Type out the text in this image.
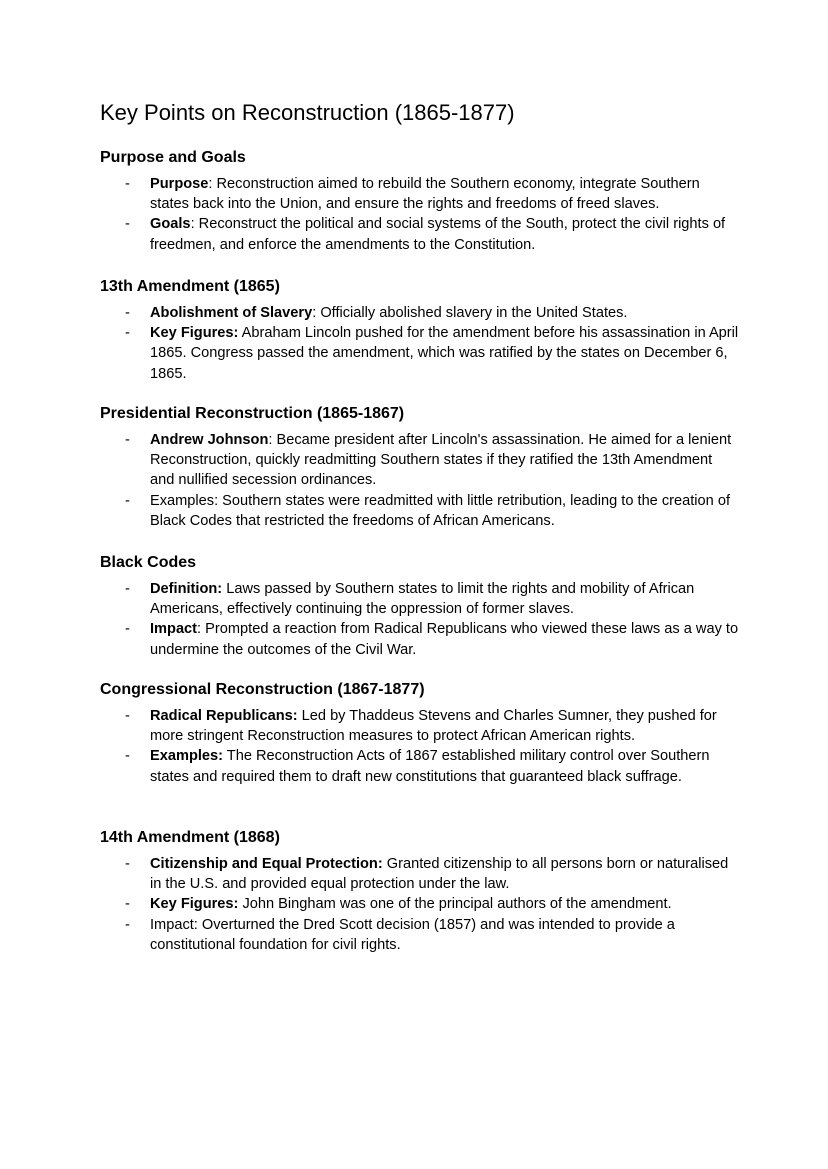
Key Points on Reconstruction (1865-1877)
Purpose and Goals
- Purpose: Reconstruction aimed to rebuild the Southern economy, integrate Southern states back into the Union, and ensure the rights and freedoms of freed slaves.
- Goals: Reconstruct the political and social systems of the South, protect the civil rights of freedmen, and enforce the amendments to the Constitution.
13th Amendment (1865)
- Abolishment of Slavery: Officially abolished slavery in the United States.
- Key Figures: Abraham Lincoln pushed for the amendment before his assassination in April 1865. Congress passed the amendment, which was ratified by the states on December 6, 1865.
Presidential Reconstruction (1865-1867)
- Andrew Johnson: Became president after Lincoln's assassination. He aimed for a lenient Reconstruction, quickly readmitting Southern states if they ratified the 13th Amendment and nullified secession ordinances.
- Examples: Southern states were readmitted with little retribution, leading to the creation of Black Codes that restricted the freedoms of African Americans.
Black Codes
- Definition: Laws passed by Southern states to limit the rights and mobility of African Americans, effectively continuing the oppression of former slaves.
- Impact: Prompted a reaction from Radical Republicans who viewed these laws as a way to undermine the outcomes of the Civil War.
Congressional Reconstruction (1867-1877)
- Radical Republicans: Led by Thaddeus Stevens and Charles Sumner, they pushed for more stringent Reconstruction measures to protect African American rights.
- Examples: The Reconstruction Acts of 1867 established military control over Southern states and required them to draft new constitutions that guaranteed black suffrage.
14th Amendment (1868)
- Citizenship and Equal Protection: Granted citizenship to all persons born or naturalised in the U.S. and provided equal protection under the law.
- Key Figures: John Bingham was one of the principal authors of the amendment.
- Impact: Overturned the Dred Scott decision (1857) and was intended to provide a constitutional foundation for civil rights.
